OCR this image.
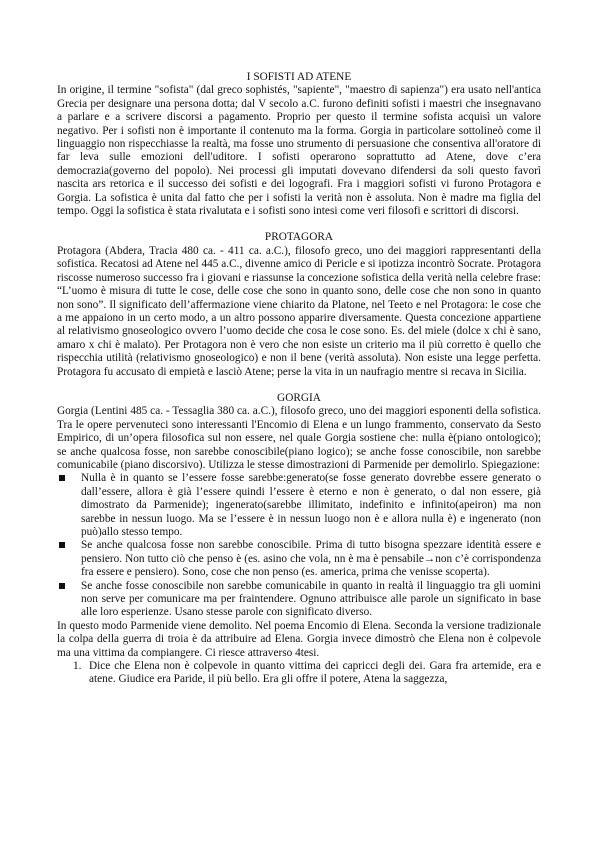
I SOFISTI AD ATENE

In origine, il termine "sofista" (dal greco sophistés, "sapiente", "maestro di sapienza") era usato nell'antica Grecia per designare una persona dotta; dal V secolo a.C. furono definiti sofisti i maestri che insegnavano a parlare e a scrivere discorsi a pagamento. Proprio per questo il termine sofista acquisì un valore negativo. Per i sofisti non è importante il contenuto ma la forma. Gorgia in particolare sottolineò come il linguaggio non rispecchiasse la realtà, ma fosse uno strumento di persuasione che consentiva all'oratore di far leva sulle emozioni dell'uditore. I sofisti operarono soprattutto ad Atene, dove c’era democrazia(governo del popolo). Nei processi gli imputati dovevano difendersi da soli questo favorì nascita ars retorica e il successo dei sofisti e dei logografi. Fra i maggiori sofisti vi furono Protagora e Gorgia. La sofistica è unita dal fatto che per i sofisti la verità non è assoluta. Non è madre ma figlia del tempo. Oggi la sofistica è stata rivalutata e i sofisti sono intesi come veri filosofi e scrittori di discorsi.

PROTAGORA

Protagora (Abdera, Tracia 480 ca. - 411 ca. a.C.), filosofo greco, uno dei maggiori rappresentanti della sofistica. Recatosi ad Atene nel 445 a.C., divenne amico di Pericle e si ipotizza incontrò Socrate. Protagora riscosse numeroso successo fra i giovani e riassunse la concezione sofistica della verità nella celebre frase: “L’uomo è misura di tutte le cose, delle cose che sono in quanto sono, delle cose che non sono in quanto non sono”. Il significato dell’affermazione viene chiarito da Platone, nel Teeto e nel Protagora: le cose che a me appaiono in un certo modo, a un altro possono apparire diversamente. Questa concezione appartiene al relativismo gnoseologico ovvero l’uomo decide che cosa le cose sono. Es. del miele (dolce x chi è sano, amaro x chi è malato). Per Protagora non è vero che non esiste un criterio ma il più corretto è quello che rispecchia utilità (relativismo gnoseologico) e non il bene (verità assoluta). Non esiste una legge perfetta. Protagora fu accusato di empietà e lasciò Atene; perse la vita in un naufragio mentre si recava in Sicilia.

GORGIA

Gorgia (Lentini 485 ca. - Tessaglia 380 ca. a.C.), filosofo greco, uno dei maggiori esponenti della sofistica. Tra le opere pervenuteci sono interessanti l'Encomio di Elena e un lungo frammento, conservato da Sesto Empirico, di un’opera filosofica sul non essere, nel quale Gorgia sostiene che: nulla è(piano ontologico); se anche qualcosa fosse, non sarebbe conoscibile(piano logico); se anche fosse conoscibile, non sarebbe comunicabile (piano discorsivo). Utilizza le stesse dimostrazioni di Parmenide per demolirlo. Spiegazione:

Nulla è in quanto se l’essere fosse sarebbe:generato(se fosse generato dovrebbe essere generato o dall’essere, allora è già l’essere quindi l’essere è eterno e non è generato, o dal non essere, già dimostrato da Parmenide); ingenerato(sarebbe illimitato, indefinito e infinito(apeiron) ma non sarebbe in nessun luogo. Ma se l’essere è in nessun luogo non è e allora nulla è) e ingenerato (non può)allo stesso tempo.
Se anche qualcosa fosse non sarebbe conoscibile. Prima di tutto bisogna spezzare identità essere e pensiero. Non tutto ciò che penso è (es. asino che vola, nn è ma è pensabile→non c’è corrispondenza fra essere e pensiero). Sono, cose che non penso (es. america, prima che venisse scoperta).
Se anche fosse conoscibile non sarebbe comunicabile in quanto in realtà il linguaggio tra gli uomini non serve per comunicare ma per fraintendere. Ognuno attribuisce alle parole un significato in base alle loro esperienze. Usano stesse parole con significato diverso.

In questo modo Parmenide viene demolito. Nel poema Encomio di Elena. Seconda la versione tradizionale la colpa della guerra di troia è da attribuire ad Elena. Gorgia invece dimostrò che Elena non è colpevole ma una vittima da compiangere. Ci riesce attraverso 4tesi.

1. Dice che Elena non è colpevole in quanto vittima dei capricci degli dei. Gara fra artemide, era e atene. Giudice era Paride, il più bello. Era gli offre il potere, Atena la saggezza,
